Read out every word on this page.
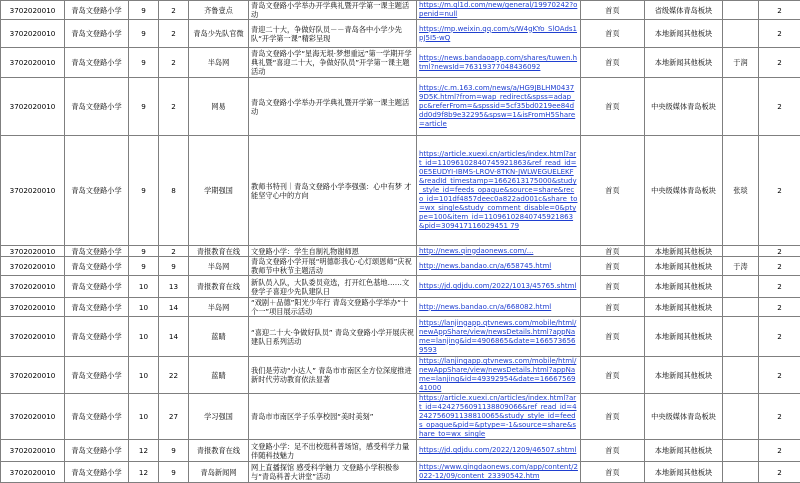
3702020010	青岛文登路小学	9	2	齐鲁壹点	青岛文登路小学举办开学典礼暨开学第一课主题活动	https://m.ql1d.com/new/general/19970242?openid=null	首页	省级媒体青岛板块		2
3702020010	青岛文登路小学	9	2	青岛少先队官微	青迎二十大，争做好队员－－青岛各中小学少先队“开学第一课”精彩呈现	https://mp.weixin.qq.com/s/W4gKYo_SlOAds1pJ5I5-wQ	首页	本地新闻其他板块		2
3702020010	青岛文登路小学	9	2	半岛网	青岛文登路小学“星海无垠·梦想重远”第一学期开学典礼暨“喜迎二十大，争做好队员”开学第一课主题活动	https://news.bandaoapp.com/shares/tuwen.html?newsId=76319377048436092	首页	本地新闻其他板块	于润	2
3702020010	青岛文登路小学	9	2	网易	青岛文登路小学举办开学典礼暨开学第一课主题活动	https://c.m.163.com/news/a/HG9JBLHM04379D5K.html?from=wap_redirect&spss=adap_pc&referFrom=&spssid=5cf35bd0219ee84ddd0d9f8b9e32295&spsw=1&isFromH5Share=article	首页	中央级媒体青岛板块		2
3702020010	青岛文登路小学	9	8	学期强国	教师书特刊｜青岛文登路小学李强强：心中有梦 才能坚守心中的方向	https://article.xuexi.cn/articles/index.html?art_id=11096102840745921863&ref_read_id=0E5EUDYI-IBMS-LROV-8TKN-JWLWEGUELEKF&readId_timestamp=1662613175000&study_style_id=feeds_opaque&source=share&reco_id=101df4857deec0a822ad001c&share_to=wx_single&study_comment_disable=0&ptype=100&item_id=11096102840745921863&pid=309417116029451 79	首页	中央级媒体青岛板块	张琰	2
3702020010	青岛文登路小学	9	2	青报教育在线	文登路小学：学生自制礼物谢师恩	http://news.qingdaonews.com/...	首页	本地新闻其他板块		2
3702020010	青岛文登路小学	9	9	半岛网	青岛文登路小学开展“明德彰我心·心灯颂恩师”庆祝教师节中秋节主题活动	http://news.bandao.cn/a/658745.html	首页	本地新闻其他板块	于涛	2
3702020010	青岛文登路小学	10	13	青报教育在线	新队员入队，大队委员竞选，打开红色基地……文登学子喜迎少先队建队日	https://jd.qdjdu.com/2022/1013/45765.shtml	首页	本地新闻其他板块		2
3702020010	青岛文登路小学	10	14	半岛网	“戏剧＋品德”阳光少年行 青岛文登路小学举办“十个一”项目展示活动	http://news.bandao.cn/a/668082.html	首页	本地新闻其他板块		2
3702020010	青岛文登路小学	10	14	蓝睛	“喜迎二十大·争做好队员” 青岛文登路小学开展庆祝建队日系列活动	https://lanjingapp.qtvnews.com/mobile/html/newAppShare/view/newsDetails.html?appName=lanjing&id=4906865&date=1665736569593	首页	本地新闻其他板块		2
3702020010	青岛文登路小学	10	22	蓝睛	我们是劳动“小达人” 青岛市市南区全方位深度推进新时代劳动教育依法显著	https://lanjingapp.qtvnews.com/mobile/html/newAppShare/view/newsDetails.html?appName=lanjing&id=49392954&date=1666756941000	首页	本地新闻其他板块		2
3702020010	青岛文登路小学	10	27	学习强国	青岛市市南区学子乐享校园“美时美刻”	https://article.xuexi.cn/articles/index.html?art_id=4242756091138809066&ref_read_id=4242756091138810065&study_style_id=feeds_opaque&pid=&ptype=-1&source=share&share_to=wx_single	首页	中央级媒体青岛板块		2
3702020010	青岛文登路小学	12	9	青报教育在线	文登路小学：足不出校逛科普场馆，感受科学力量伴随科技魅力	https://jd.qdjdu.com/2022/1209/46507.shtml	首页	本地新闻其他板块		2
3702020010	青岛文登路小学	12	9	青岛新闻网	网上直播探馆 感受科学魅力 文登路小学积极参与“青岛科普大讲堂”活动	https://www.qingdaonews.com/app/content/2022-12/09/content_23390542.htm	首页	本地新闻其他板块		2
